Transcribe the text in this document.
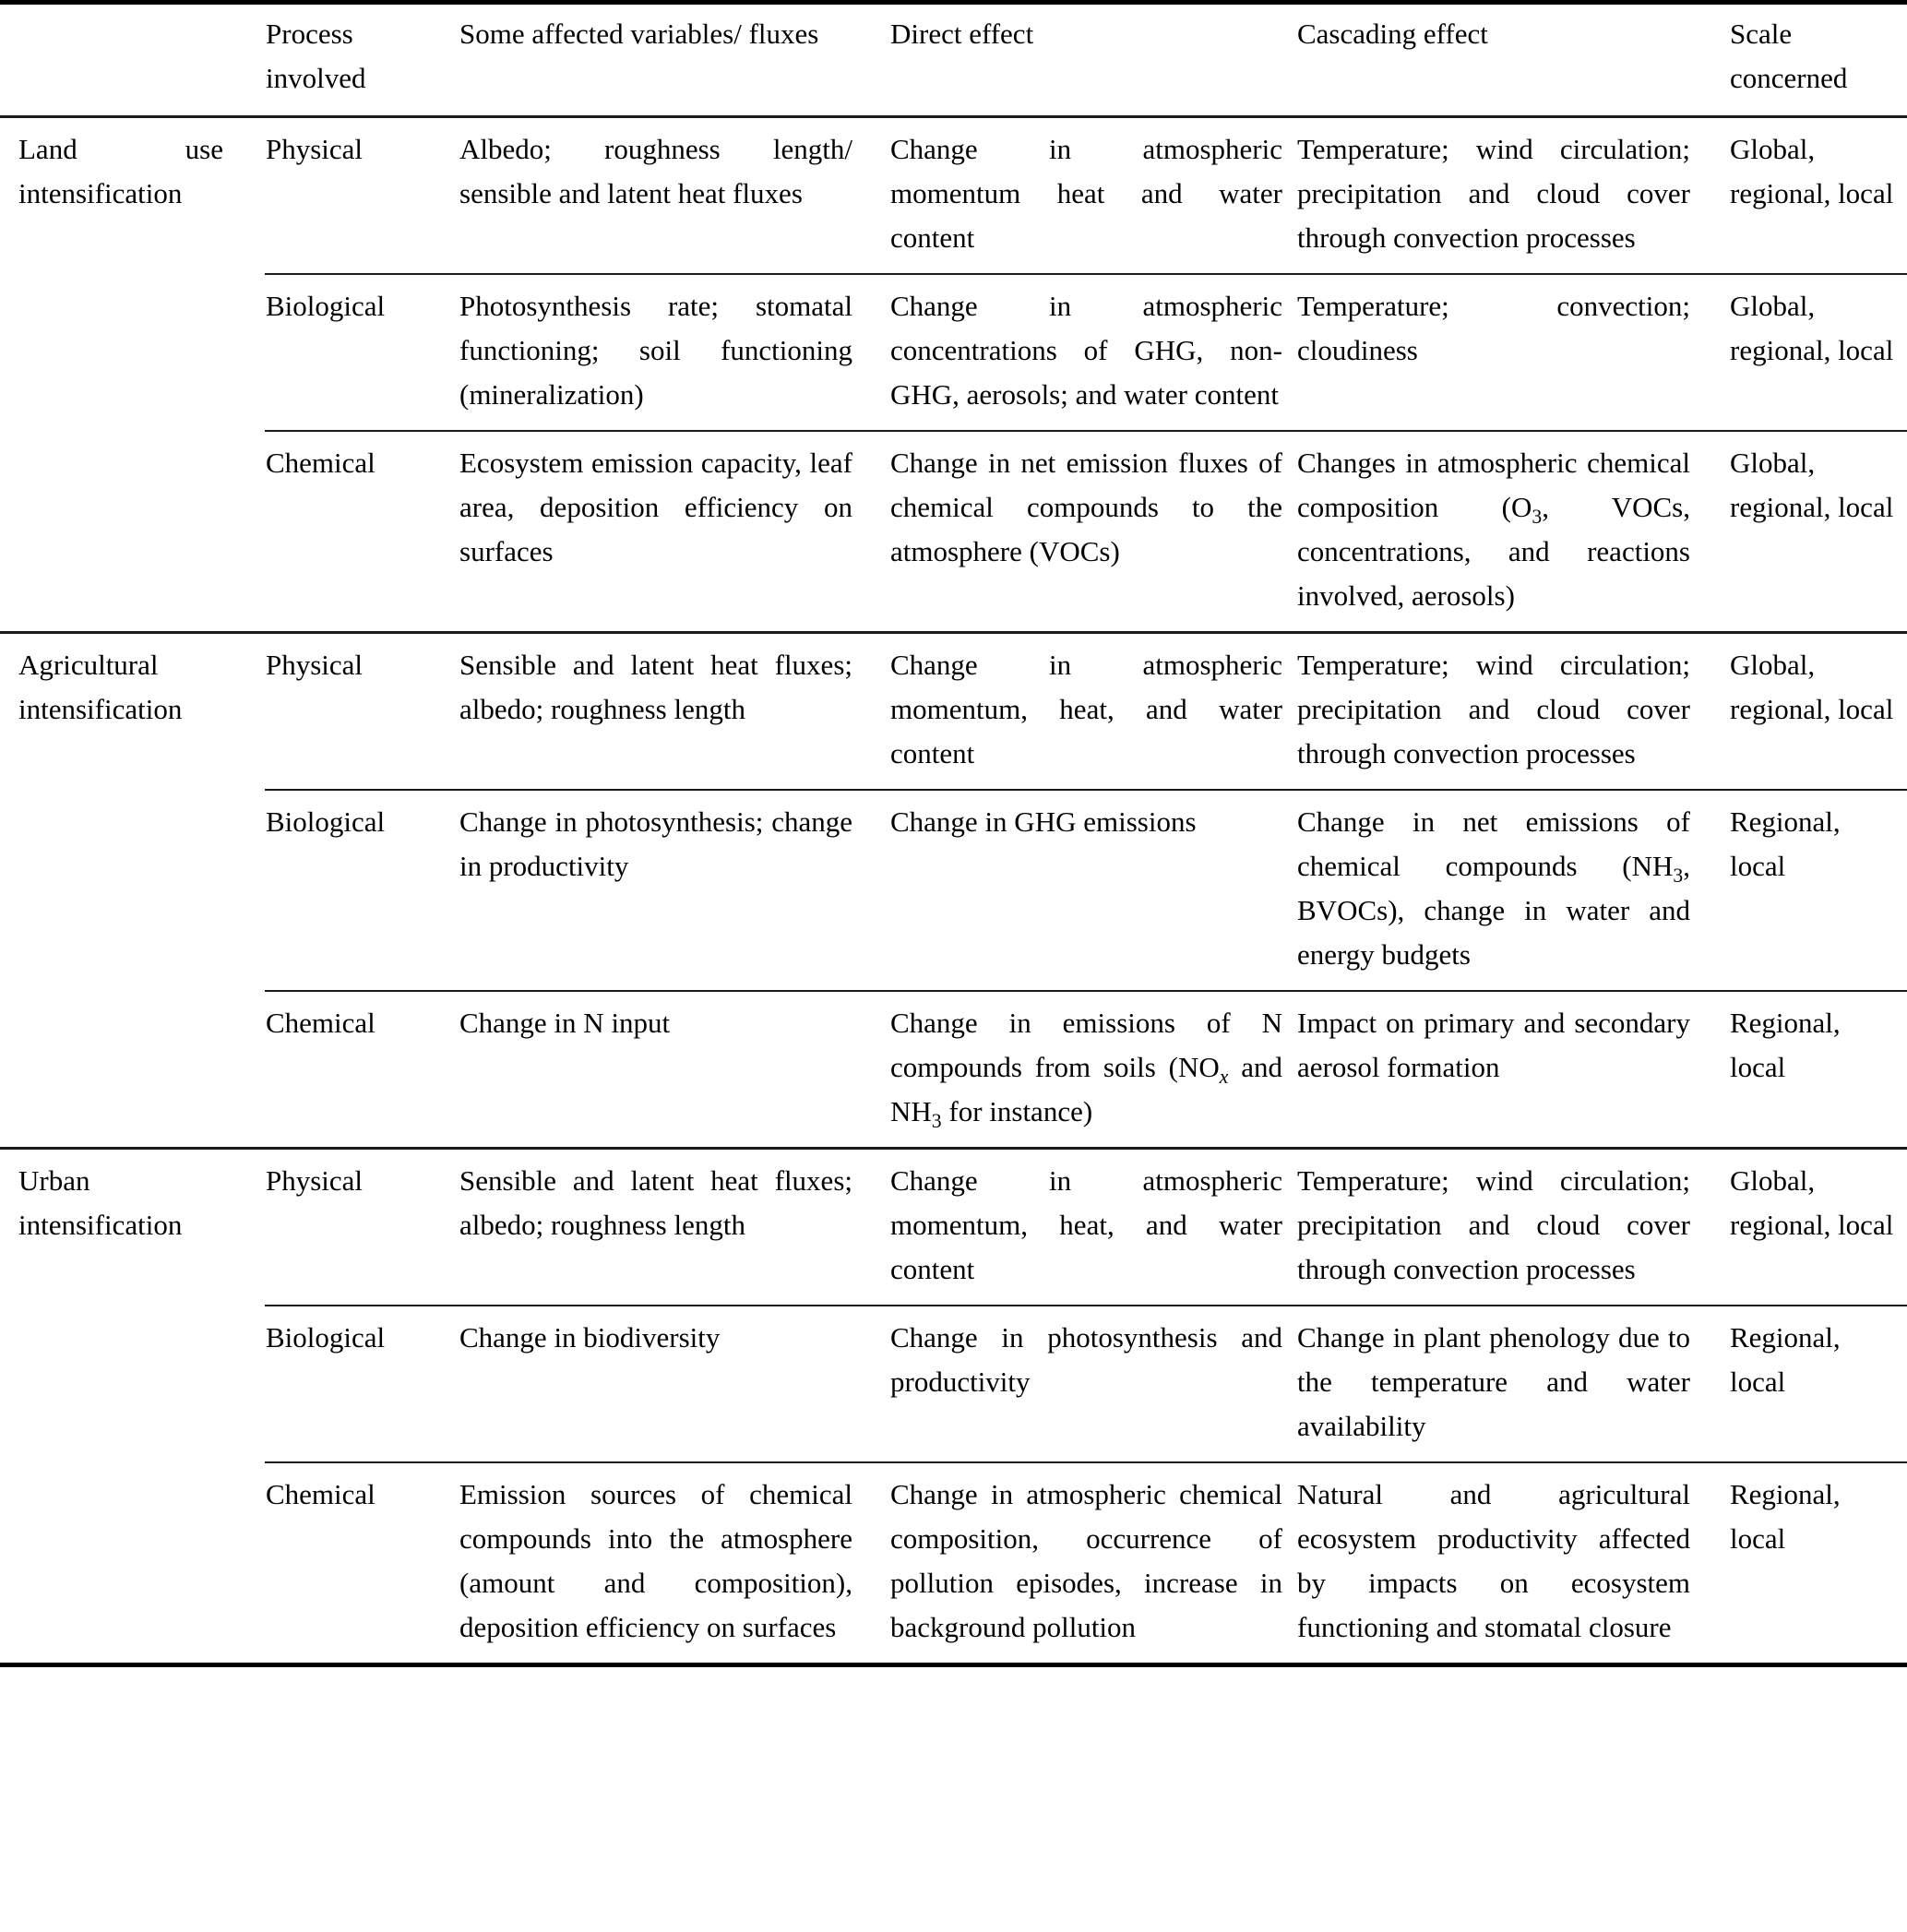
	Process involved	Some affected variables/ fluxes	Direct effect	Cascading effect	Scale concerned
Land use intensification	Physical	Albedo; roughness length/ sensible and latent heat fluxes	Change in atmospheric momentum heat and water content	Temperature; wind circulation; precipitation and cloud cover through convection processes	Global, regional, local
	Biological	Photosynthesis rate; stomatal functioning; soil functioning (mineralization)	Change in atmospheric concentrations of GHG, non-GHG, aerosols; and water content	Temperature; convection; cloudiness	Global, regional, local
	Chemical	Ecosystem emission capacity, leaf area, deposition efficiency on surfaces	Change in net emission fluxes of chemical compounds to the atmosphere (VOCs)	Changes in atmospheric chemical composition ($O_3$, VOCs, concentrations, and reactions involved, aerosols)	Global, regional, local
Agricultural intensification	Physical	Sensible and latent heat fluxes; albedo; roughness length	Change in atmospheric momentum, heat, and water content	Temperature; wind circulation; precipitation and cloud cover through convection processes	Global, regional, local
	Biological	Change in photosynthesis; change in productivity	Change in GHG emissions	Change in net emissions of chemical compounds ($NH_3$, BVOCs), change in water and energy budgets	Regional, local
	Chemical	Change in N input	Change in emissions of N compounds from soils ($NO_x$ and $NH_3$ for instance)	Impact on primary and secondary aerosol formation	Regional, local
Urban intensification	Physical	Sensible and latent heat fluxes; albedo; roughness length	Change in atmospheric momentum, heat, and water content	Temperature; wind circulation; precipitation and cloud cover through convection processes	Global, regional, local
	Biological	Change in biodiversity	Change in photosynthesis and productivity	Change in plant phenology due to the temperature and water availability	Regional, local
	Chemical	Emission sources of chemical compounds into the atmosphere (amount and composition), deposition efficiency on surfaces	Change in atmospheric chemical composition, occurrence of pollution episodes, increase in background pollution	Natural and agricultural ecosystem productivity affected by impacts on ecosystem functioning and stomatal closure	Regional, local
